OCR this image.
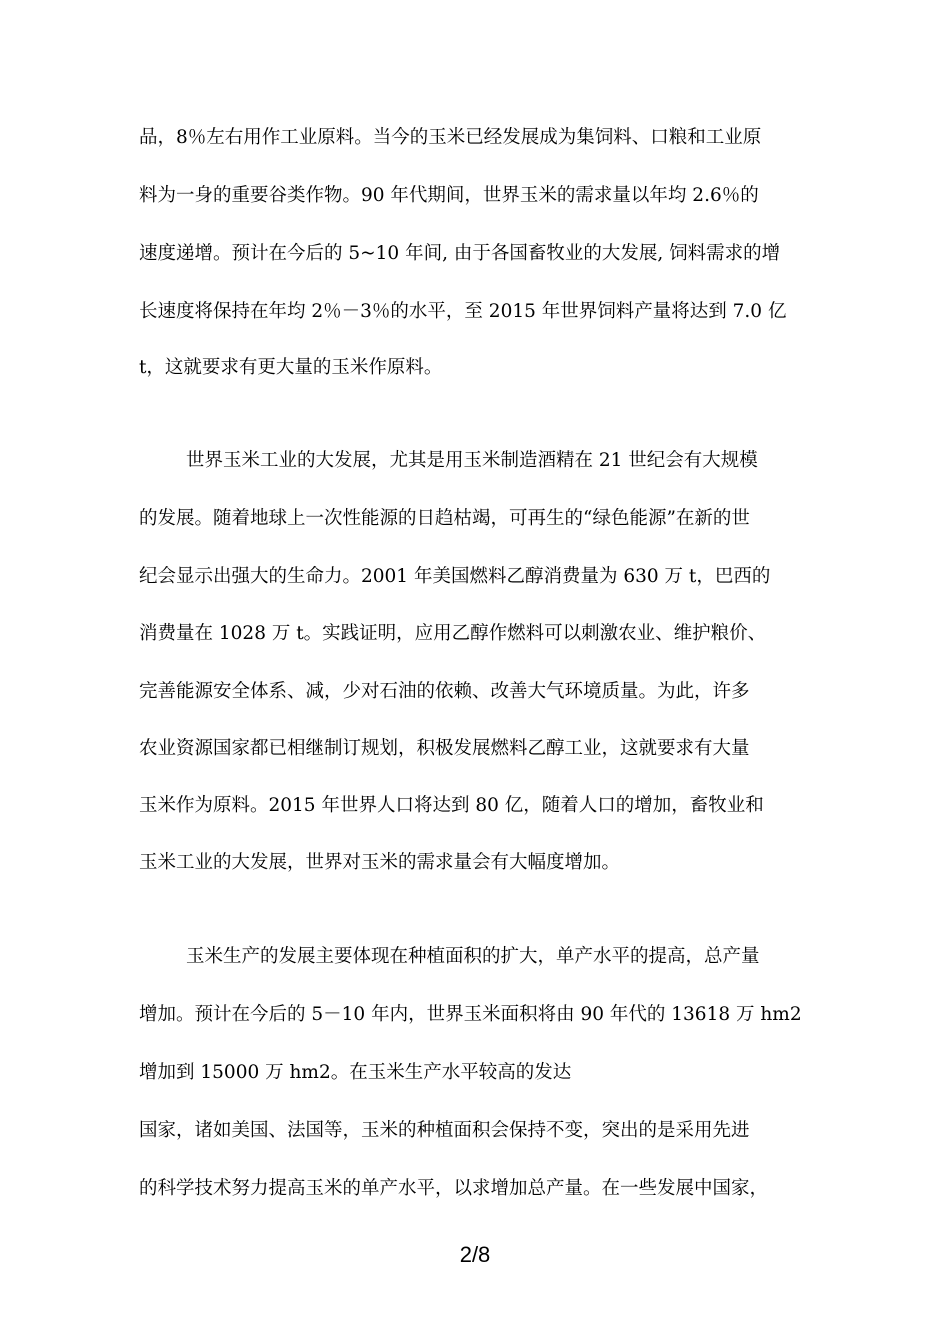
品，8％左右用作工业原料。当今的玉米已经发展成为集饲料、口粮和工业原
料为一身的重要谷类作物。90 年代期间，世界玉米的需求量以年均 2.6％的
速度递增。预计在今后的 5~10 年间, 由于各国畜牧业的大发展, 饲料需求的增
长速度将保持在年均 2％－3％的水平，至 2015 年世界饲料产量将达到 7.0 亿
t，这就要求有更大量的玉米作原料。
世界玉米工业的大发展，尤其是用玉米制造酒精在 21 世纪会有大规模
的发展。随着地球上一次性能源的日趋枯竭，可再生的“绿色能源”在新的世
纪会显示出强大的生命力。2001 年美国燃料乙醇消费量为 630 万 t，巴西的
消费量在 1028 万 t。实践证明，应用乙醇作燃料可以刺激农业、维护粮价、
完善能源安全体系、减，少对石油的依赖、改善大气环境质量。为此，许多
农业资源国家都已相继制订规划，积极发展燃料乙醇工业，这就要求有大量
玉米作为原料。2015 年世界人口将达到 80 亿，随着人口的增加，畜牧业和
玉米工业的大发展，世界对玉米的需求量会有大幅度增加。
玉米生产的发展主要体现在种植面积的扩大，单产水平的提高，总产量
增加。预计在今后的 5－10 年内，世界玉米面积将由 90 年代的 13618 万 hm2
增加到 15000 万 hm2。在玉米生产水平较高的发达
国家，诸如美国、法国等，玉米的种植面积会保持不变，突出的是采用先进
的科学技术努力提高玉米的单产水平，以求增加总产量。在一些发展中国家，
2/8
